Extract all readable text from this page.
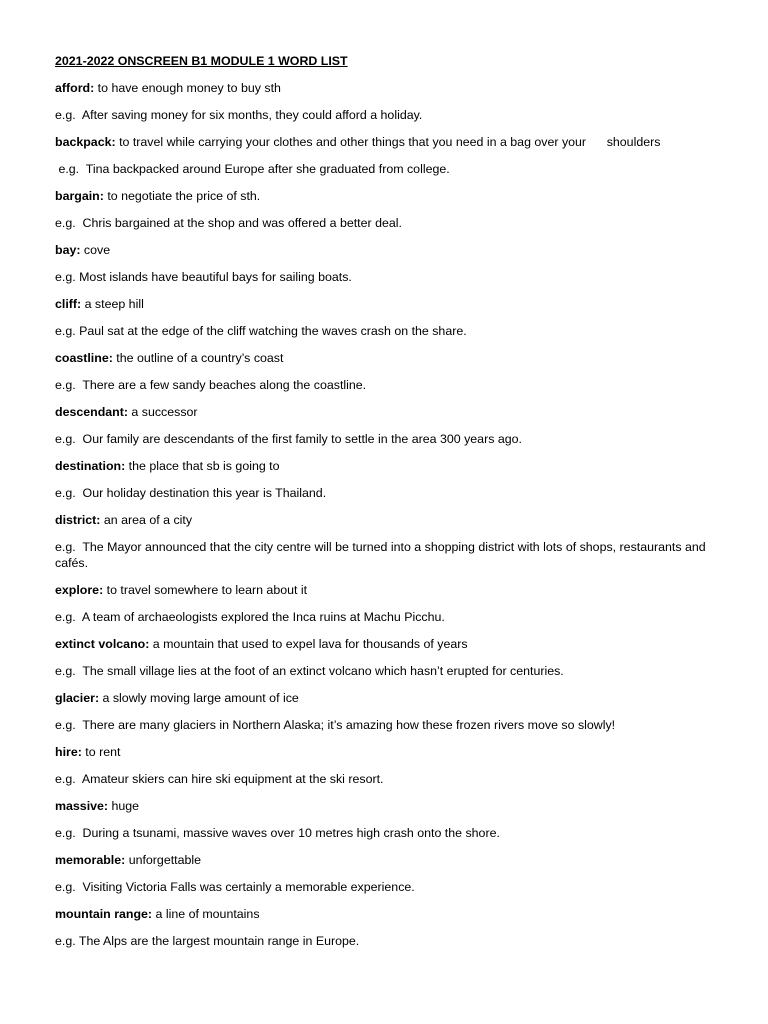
2021-2022 ONSCREEN B1 MODULE 1 WORD LIST
afford: to have enough money to buy sth
e.g.  After saving money for six months, they could afford a holiday.
backpack: to travel while carrying your clothes and other things that you need in a bag over your      shoulders
e.g.  Tina backpacked around Europe after she graduated from college.
bargain: to negotiate the price of sth.
e.g.  Chris bargained at the shop and was offered a better deal.
bay: cove
e.g. Most islands have beautiful bays for sailing boats.
cliff: a steep hill
e.g. Paul sat at the edge of the cliff watching the waves crash on the share.
coastline: the outline of a country’s coast
e.g.  There are a few sandy beaches along the coastline.
descendant: a successor
e.g.  Our family are descendants of the first family to settle in the area 300 years ago.
destination: the place that sb is going to
e.g.  Our holiday destination this year is Thailand.
district: an area of a city
e.g.  The Mayor announced that the city centre will be turned into a shopping district with lots of shops, restaurants and cafés.
explore: to travel somewhere to learn about it
e.g.  A team of archaeologists explored the Inca ruins at Machu Picchu.
extinct volcano: a mountain that used to expel lava for thousands of years
e.g.  The small village lies at the foot of an extinct volcano which hasn’t erupted for centuries.
glacier: a slowly moving large amount of ice
e.g.  There are many glaciers in Northern Alaska; it’s amazing how these frozen rivers move so slowly!
hire: to rent
e.g.  Amateur skiers can hire ski equipment at the ski resort.
massive: huge
e.g.  During a tsunami, massive waves over 10 metres high crash onto the shore.
memorable: unforgettable
e.g.  Visiting Victoria Falls was certainly a memorable experience.
mountain range: a line of mountains
e.g. The Alps are the largest mountain range in Europe.
